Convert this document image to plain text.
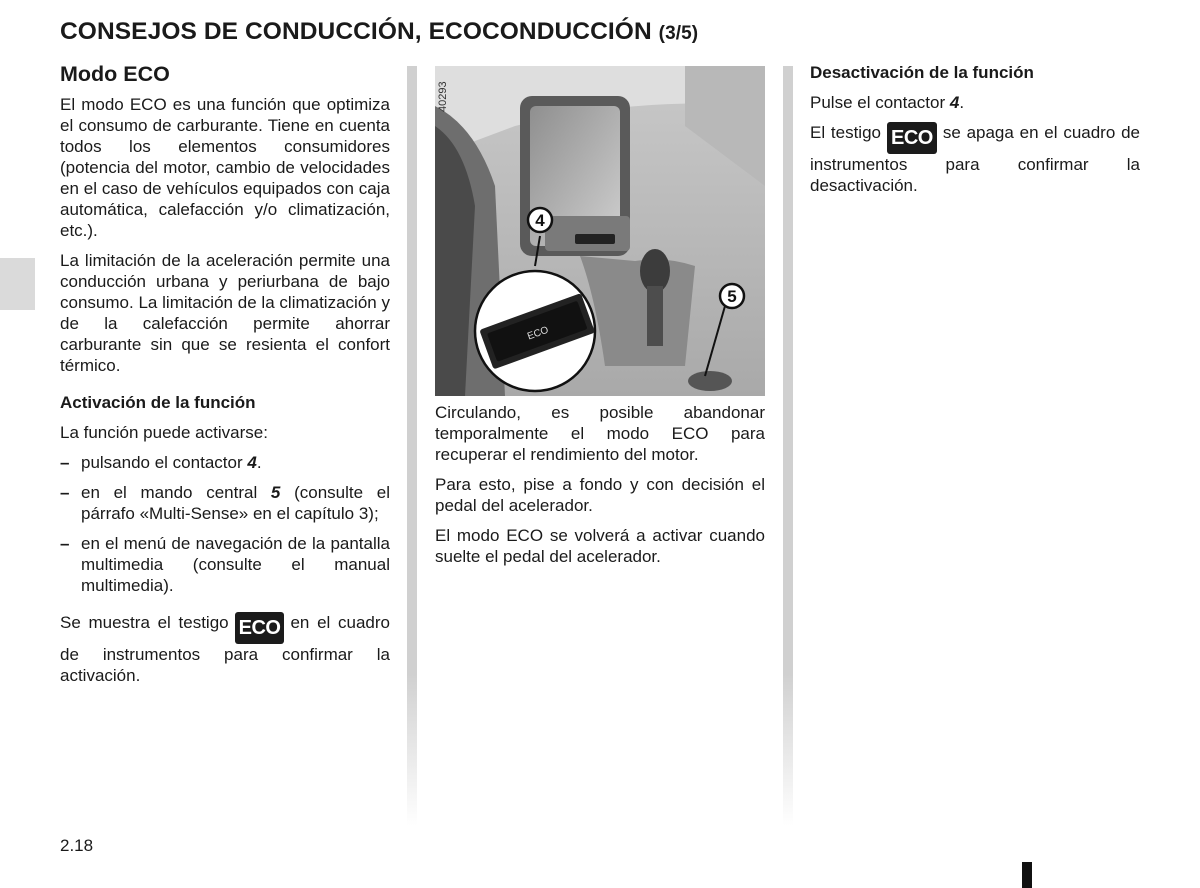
CONSEJOS DE CONDUCCIÓN, ECOCONDUCCIÓN (3/5)
Modo ECO

El modo ECO es una función que optimiza el consumo de carburante. Tiene en cuenta todos los elementos consumidores (potencia del motor, cambio de velocidades en el caso de vehículos equipados con caja automática, calefacción y/o climatización, etc.).

La limitación de la aceleración permite una conducción urbana y periurbana de bajo consumo. La limitación de la climatización y de la calefacción permite ahorrar carburante sin que se resienta el confort térmico.

Activación de la función

La función puede activarse:

– pulsando el contactor 4.
– en el mando central 5 (consulte el párrafo «Multi-Sense» en el capítulo 3);
– en el menú de navegación de la pantalla multimedia (consulte el manual multimedia).

Se muestra el testigo ECO en el cuadro de instrumentos para confirmar la activación.

4
5
ECO
40293

Circulando, es posible abandonar temporalmente el modo ECO para recuperar el rendimiento del motor.

Para esto, pise a fondo y con decisión el pedal del acelerador.

El modo ECO se volverá a activar cuando suelte el pedal del acelerador.

Desactivación de la función

Pulse el contactor 4.

El testigo ECO se apaga en el cuadro de instrumentos para confirmar la desactivación.

2.18
